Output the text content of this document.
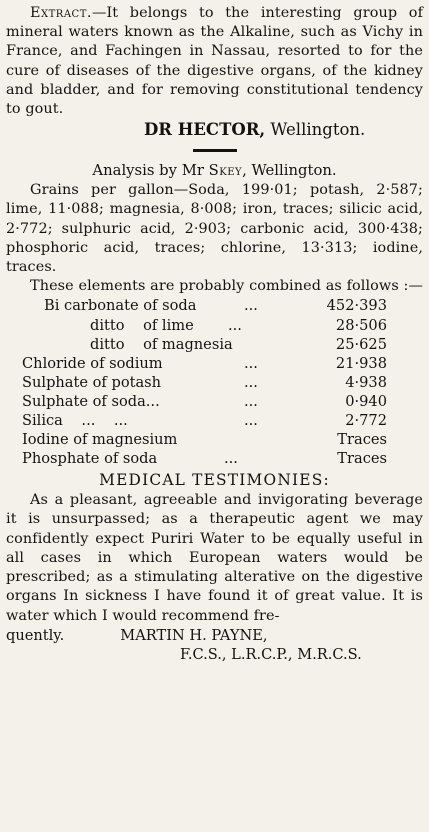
Extract.—It belongs to the interesting group of mineral waters known as the Alkaline, such as Vichy in France, and Fachingen in Nassau, resorted to for the cure of diseases of the digestive organs, of the kidney and bladder, and for removing constitutional tendency to gout.

DR HECTOR, Wellington.

Analysis by Mr Skey, Wellington.

Grains per gallon—Soda, 199·01; potash, 2·587; lime, 11·088; magnesia, 8·008; iron, traces; silicic acid, 2·772; sulphuric acid, 2·903; carbonic acid, 300·438; phosphoric acid, traces; chlorine, 13·313; iodine, traces.

These elements are probably combined as follows :—

Bi carbonate of soda	...	452·393
ditto    of lime ...	28·506
ditto    of magnesia	25·625
Chloride of sodium	...	21·938
Sulphate of potash	...	4·938
Sulphate of soda...	...	0·940
Silica    ...    ...	...	2·772
Iodine of magnesium	Traces
Phosphate of soda	...	Traces

MEDICAL TESTIMONIES:

As a pleasant, agreeable and invigorating beverage it is unsurpassed; as a therapeutic agent we may confidently expect Puriri Water to be equally useful in all cases in which European waters would be prescribed; as a stimulating alterative on the digestive organs In sickness I have found it of great value. It is water which I would recommend fre-

quently.	MARTIN H. PAYNE,

F.C.S., L.R.C.P., M.R.C.S.
